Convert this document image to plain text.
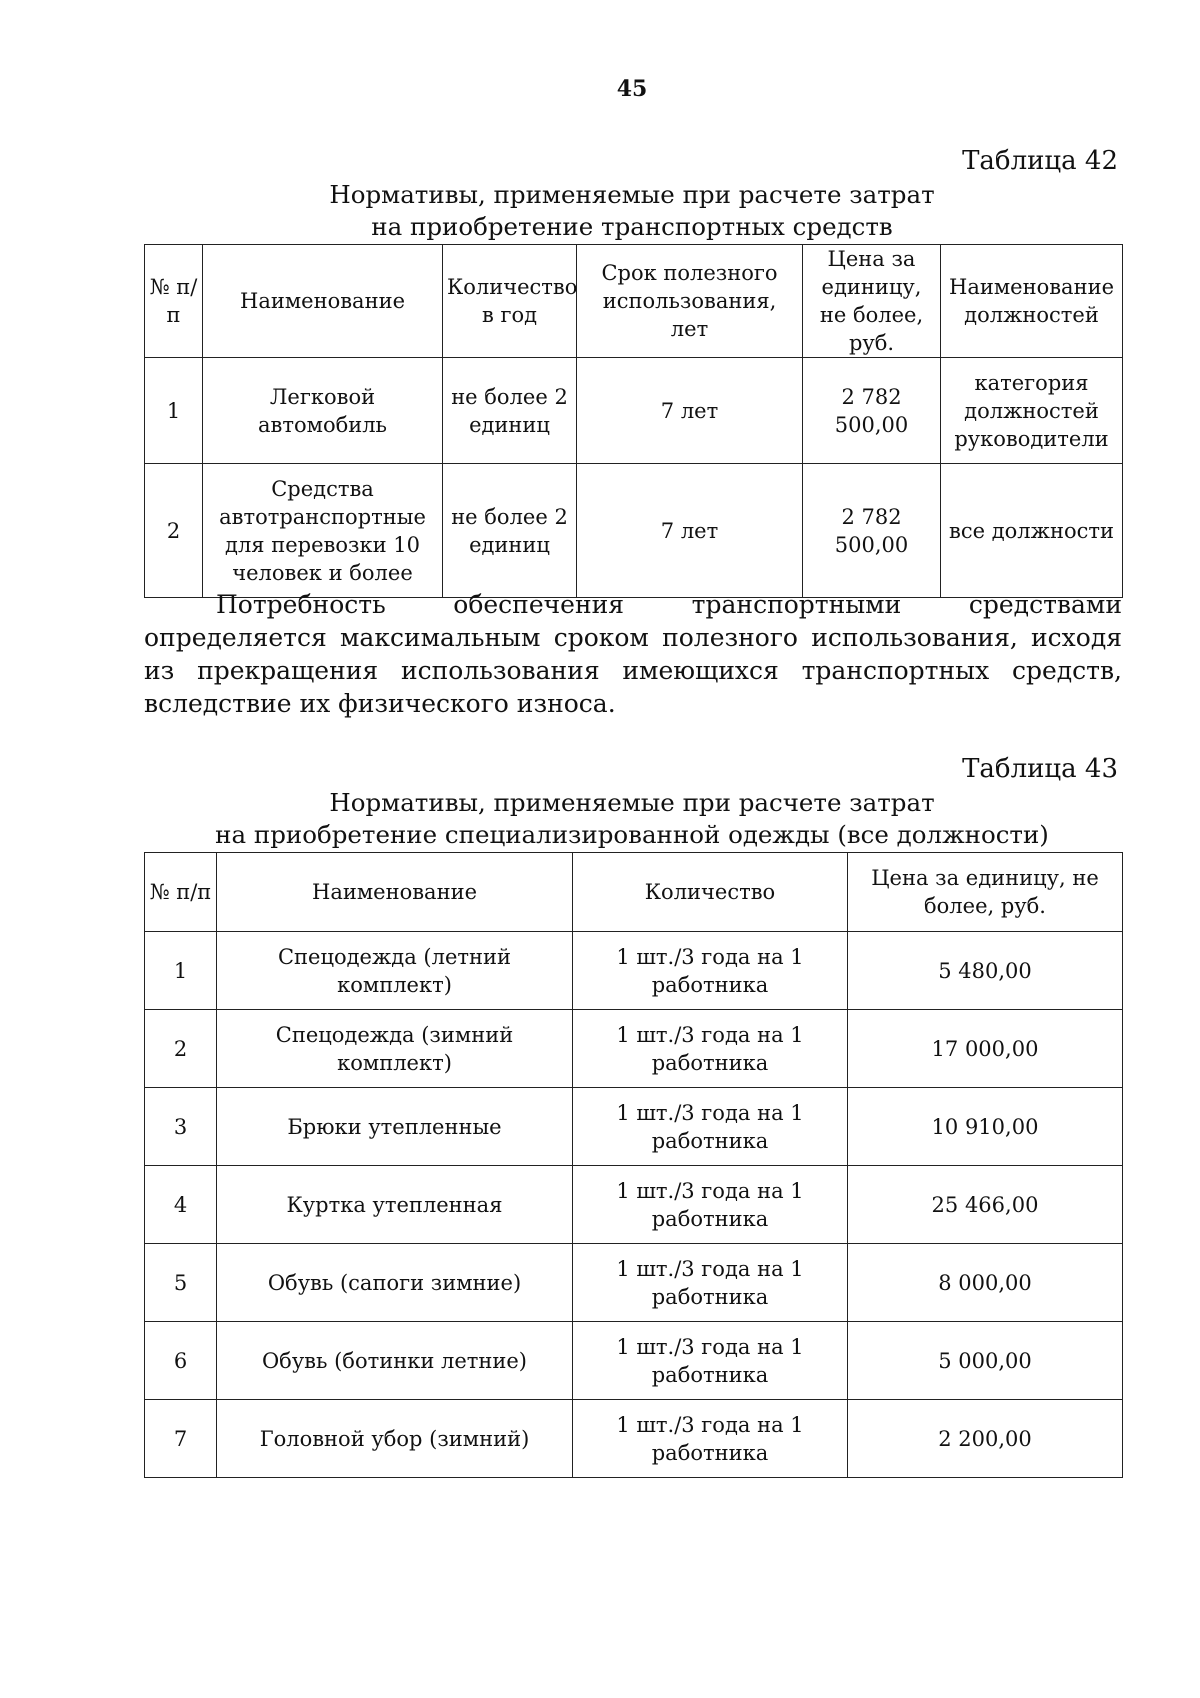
45
Таблица 42
Нормативы, применяемые при расчете затрат
на приобретение транспортных средств
№ п/п	Наименование	Количество в год	Срок полезного использования, лет	Цена за единицу, не более, руб.	Наименование должностей
1	Легковой автомобиль	не более 2 единиц	7 лет	2 782 500,00	категория должностей руководители
2	Средства автотранспортные для перевозки 10 человек и более	не более 2 единиц	7 лет	2 782 500,00	все должности

Потребность обеспечения транспортными средствами определяется максимальным сроком полезного использования, исходя из прекращения использования имеющихся транспортных средств, вследствие их физического износа.

Таблица 43
Нормативы, применяемые при расчете затрат
на приобретение специализированной одежды (все должности)
№ п/п	Наименование	Количество	Цена за единицу, не более, руб.
1	Спецодежда (летний комплект)	1 шт./3 года на 1 работника	5 480,00
2	Спецодежда (зимний комплект)	1 шт./3 года на 1 работника	17 000,00
3	Брюки утепленные	1 шт./3 года на 1 работника	10 910,00
4	Куртка утепленная	1 шт./3 года на 1 работника	25 466,00
5	Обувь (сапоги зимние)	1 шт./3 года на 1 работника	8 000,00
6	Обувь (ботинки летние)	1 шт./3 года на 1 работника	5 000,00
7	Головной убор (зимний)	1 шт./3 года на 1 работника	2 200,00
